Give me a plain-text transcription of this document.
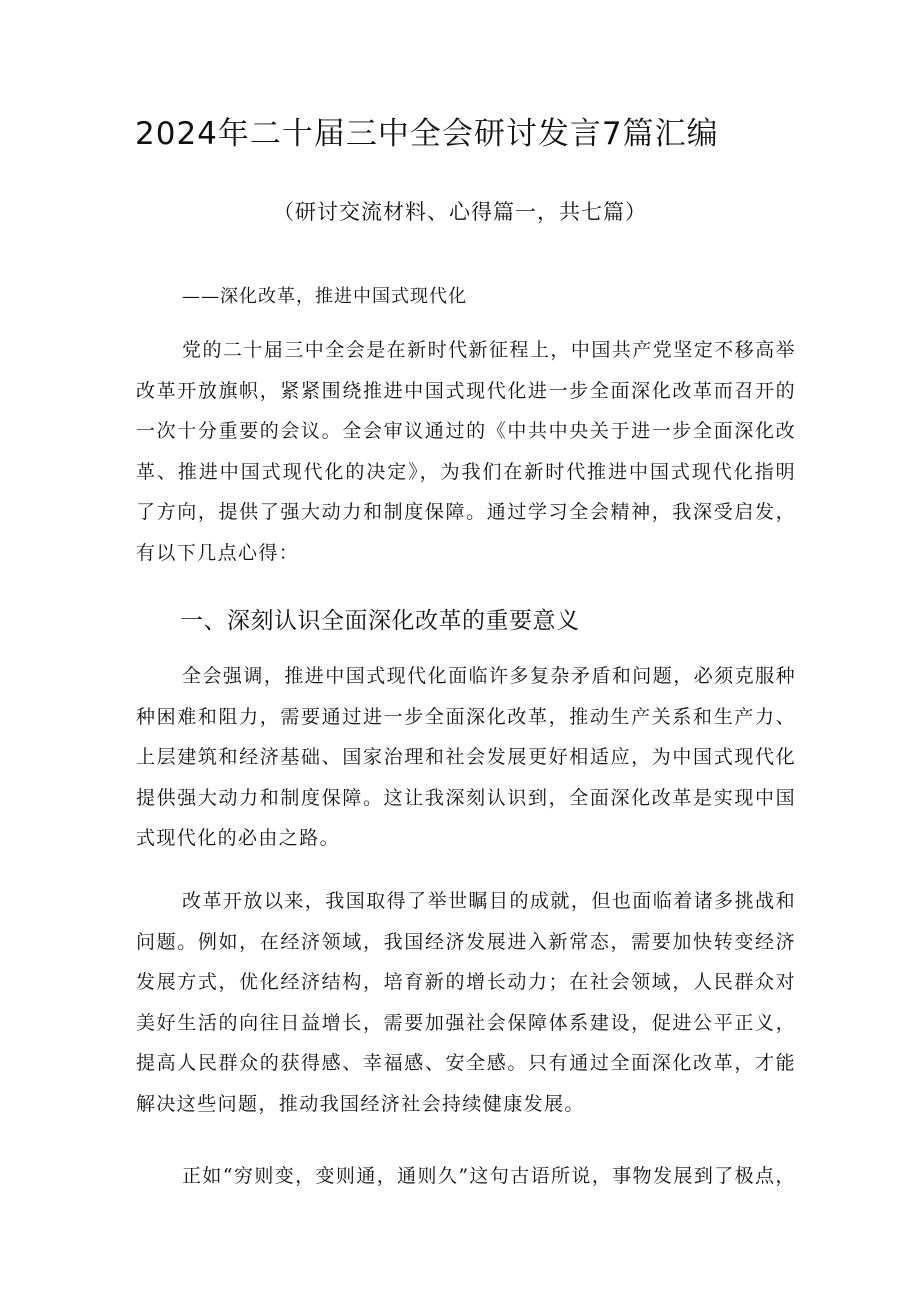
2024年二十届三中全会研讨发言7篇汇编
（研讨交流材料、心得篇一，共七篇）
——深化改革，推进中国式现代化

党的二十届三中全会是在新时代新征程上，中国共产党坚定不移高举改革开放旗帜，紧紧围绕推进中国式现代化进一步全面深化改革而召开的一次十分重要的会议。全会审议通过的《中共中央关于进一步全面深化改革、推进中国式现代化的决定》，为我们在新时代推进中国式现代化指明了方向，提供了强大动力和制度保障。通过学习全会精神，我深受启发，有以下几点心得：

一、深刻认识全面深化改革的重要意义

全会强调，推进中国式现代化面临许多复杂矛盾和问题，必须克服种种困难和阻力，需要通过进一步全面深化改革，推动生产关系和生产力、上层建筑和经济基础、国家治理和社会发展更好相适应，为中国式现代化提供强大动力和制度保障。这让我深刻认识到，全面深化改革是实现中国式现代化的必由之路。

改革开放以来，我国取得了举世瞩目的成就，但也面临着诸多挑战和问题。例如，在经济领域，我国经济发展进入新常态，需要加快转变经济发展方式，优化经济结构，培育新的增长动力；在社会领域，人民群众对美好生活的向往日益增长，需要加强社会保障体系建设，促进公平正义，提高人民群众的获得感、幸福感、安全感。只有通过全面深化改革，才能解决这些问题，推动我国经济社会持续健康发展。

正如“穷则变，变则通，通则久”这句古语所说，事物发展到了极点，
